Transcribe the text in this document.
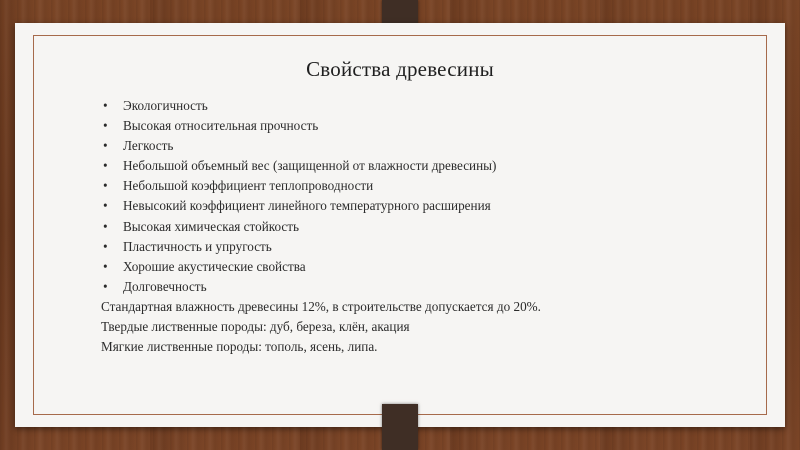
Свойства древесины
• Экологичность
• Высокая относительная прочность
• Легкость
• Небольшой объемный вес (защищенной от влажности древесины)
• Небольшой коэффициент теплопроводности
• Невысокий коэффициент линейного температурного расширения
• Высокая химическая стойкость
• Пластичность и упругость
• Хорошие акустические свойства
• Долговечность
Стандартная влажность древесины 12%, в строительстве допускается до 20%.
Твердые лиственные породы: дуб, береза, клён, акация
Мягкие лиственные породы: тополь, ясень, липа.
